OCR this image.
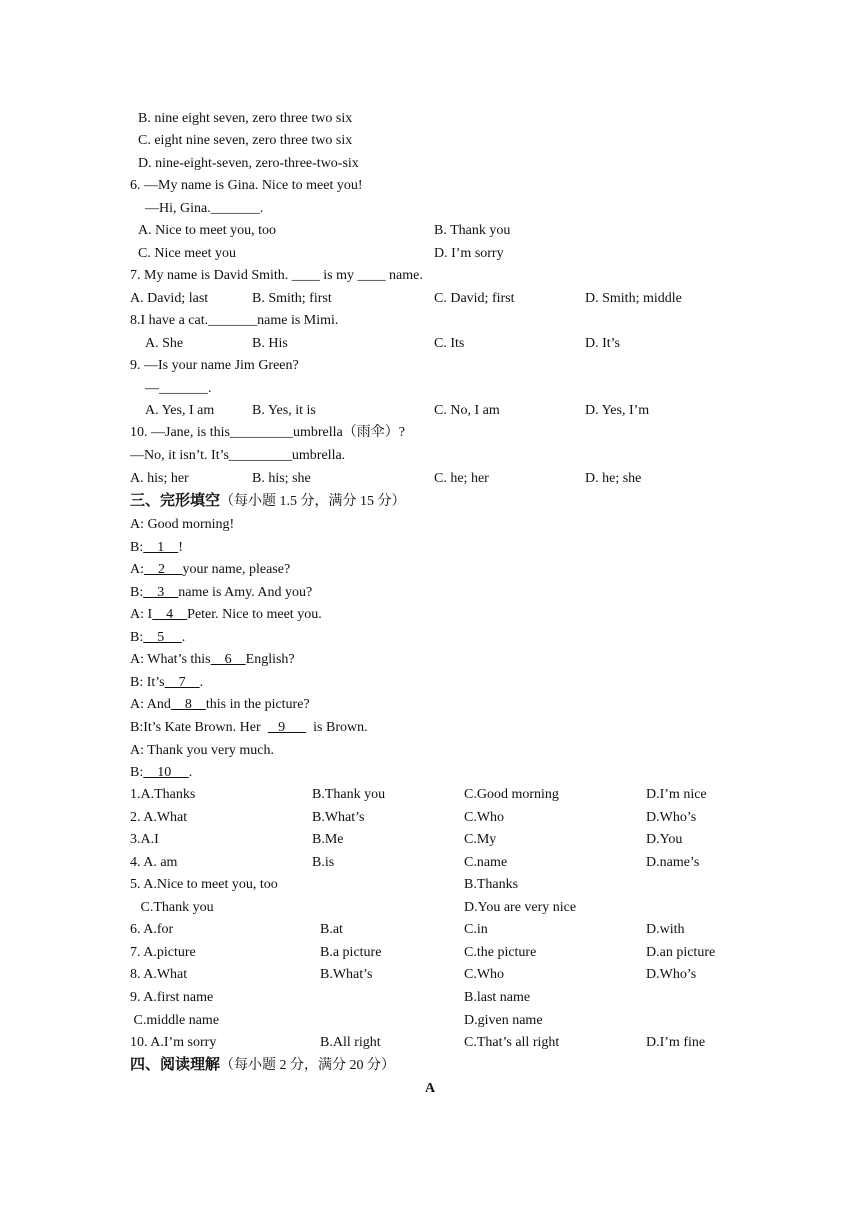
B. nine eight seven, zero three two six
C. eight nine seven, zero three two six
D. nine-eight-seven, zero-three-two-six
6. —My name is Gina. Nice to meet you!
—Hi, Gina._______.
A. Nice to meet you, too	B. Thank you
C. Nice meet you	D. I’m sorry
7. My name is David Smith. ____ is my ____ name.
A. David; last	B. Smith; first	C. David; first	D. Smith; middle
8.I have a cat._______name is Mimi.
A. She	B. His	C. Its	D. It’s
9. —Is your name Jim Green?
—_______.
A. Yes, I am	B. Yes, it is	C. No, I am	D. Yes, I’m
10. —Jane, is this_________umbrella（雨伞）?
—No, it isn’t. It’s_________umbrella.
A. his; her	B. his; she	C. he; her	D. he; she
三、完形填空（每小题 1.5 分，满分 15 分）
A: Good morning!
B:    1    !
A:    2     your name, please?
B:    3    name is Amy. And you?
A: I    4    Peter. Nice to meet you.
B:    5     .
A: What’s this    6    English?
B: It’s    7    .
A: And    8    this in the picture?
B:It’s Kate Brown. Her     9        is Brown.
A: Thank you very much.
B:    10     .
1.A.Thanks	B.Thank you	C.Good morning	D.I’m nice
2. A.What	B.What’s	C.Who	D.Who’s
3.A.I	B.Me	C.My	D.You
4. A. am	B.is	C.name	D.name’s
5. A.Nice to meet you, too	B.Thanks
C.Thank you	D.You are very nice
6. A.for	B.at	C.in	D.with
7. A.picture	B.a picture	C.the picture	D.an picture
8. A.What	B.What’s	C.Who	D.Who’s
9. A.first name	B.last name
C.middle name	D.given name
10. A.I’m sorry	B.All right	C.That’s all right	D.I’m fine
四、阅读理解（每小题 2 分，满分 20 分）
A
